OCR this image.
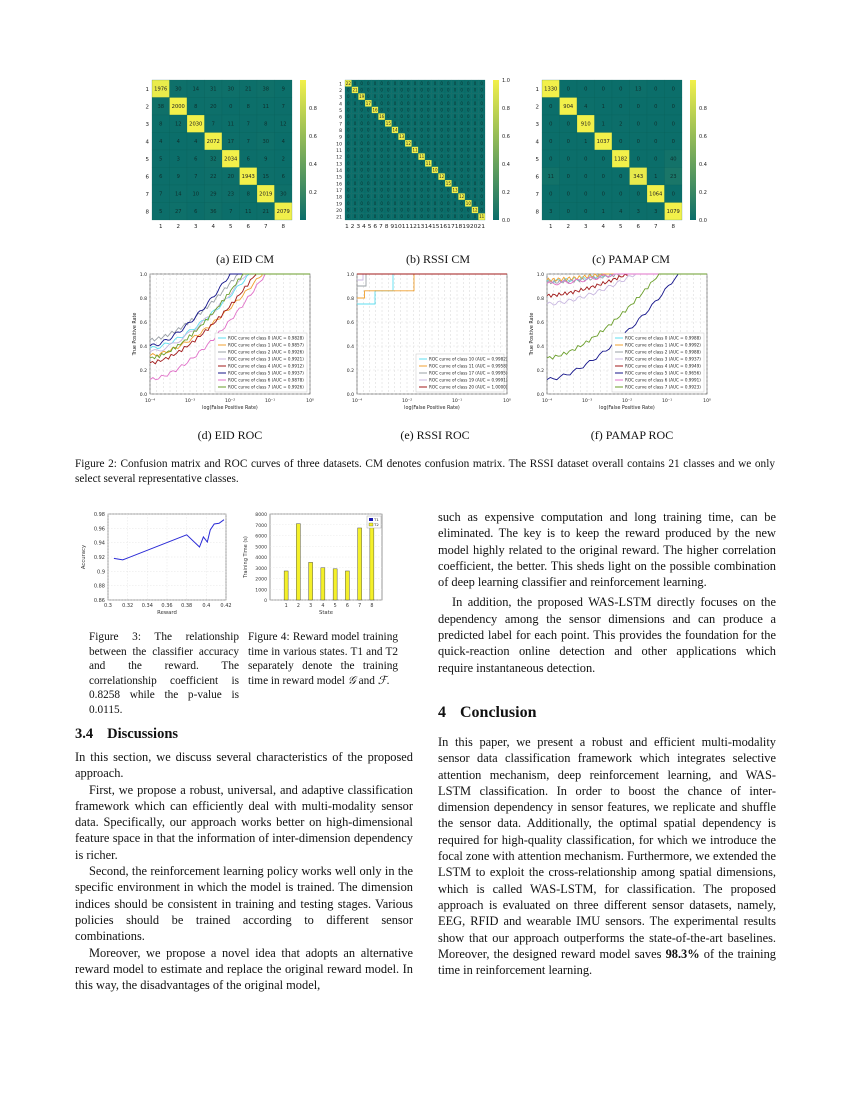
1976 30 14 31 30 21 38 9
1
38 2000 8 20 0	8 11 7
2
8 12 2030 7 11 7	8 12
3
4	4	4 2072 17 7 30 4
4
5	3	6 32 2034 6	9	2
5
6	9	7 22 20 1943 15 6
6
7 14 10 29 23 8 2019 30
7
5 27 6 36 7 11 21 2079
8
1	2	3	4	5	6	7	8
0.8
0.6
0.4
0.2
22 0 0 0 0 0 0 0 0 0 0 0 0 0 0 0 0 0 0 0 0
1
0 21 0 0 0 0 0 0 0 0 0 0 0 0 0 0 0 0 0 0 0
2
0 0 19 0 0 0 0 0 0 0 0 0 0 0 0 0 0 0 0 0 0
3
0 0 0 17 0 0 0 0 0 0 0 0 0 0 0 0 0 0 0 0 0
4
0 0 0 0 16 0 0 0 0 0 0 0 0 0 0 0 0 0 0 0 0
5
0 0 0 0 0 16 0 0 0 0 0 0 0 0 0 0 0 0 0 0 0
6
0 0 0 0 0 0 15 0 0 0 0 0 0 0 0 0 0 0 0 0 0
7
0 0 0 0 0 0 0 14 0 0 0 0 0 0 0 0 0 0 0 0 0
8
0 0 0 0 0 0 0 0 13 0 0 0 0 0 0 0 0 0 0 0 0
9
0 0 0 0 0 0 0 0 0 12 0 0 0 0 0 0 0 0 0 0 0
10
0 0 0 0 0 0 0 0 0 0 11 0 0 0 0 0 0 0 0 0 0
11
0 0 0 0 0 0 0 0 0 0 0 11 0 0 0 0 0 0 0 0 0
12
0 0 0 0 0 0 0 0 0 0 0 0 11 0 0 0 0 0 0 0 0
13
0 0 0 0 0 0 0 0 0 0 0 0 0 10 0 0 0 0 0 0 0
14
0 0 0 0 0 0 0 0 0 0 0 0 0 0 12 0 0 0 0 0 0
15
0 0 0 0 0 0 0 0 0 0 0 0 0 0 0 15 0 0 0 0 0
16
0 0 0 0 0 0 0 0 0 0 0 0 0 0 0 0 13 0 0 0 0
17
0 0 0 0 0 0 0 0 0 0 0 0 0 0 0 0 0 12 0 0 0
18
0 0 0 0 0 0 0 0 0 0 0 0 0 0 0 0 0 0 10 0 0
19
0 0 0 0 0 0 0 0 0 0 0 0 0 0 0 0 0 0 0 12 0
20
0 0 0 0 0 0 0 0 0 0 0 0 0 0 0 0 0 0 0 0 11
21
1 2 3 4 5 6 7 8 9101112131415161718192021
1.0
0.8
0.6
0.4
0.2
0.0
1330 0	0	0	0 13 0	0
1
0 904 4	1	0	0	0	0
2
0	0 910 1	2	0	0	0
3
0	0	1 1037 0	0	0	0
4
0	0	0	0 1182 0	0 40
5
11 0	0	0	0 343 1 23
6
0	0	0	0	0	0 1064 0
7
3	0	0	1	4	3	3 1079
8
1	2	3	4	5	6	7	8
0.8
0.6
0.4
0.2
0.0
(a) EID CM	(b) RSSI CM	(c) PAMAP CM
0.0
0.2
0.4
0.6
0.8
1.0
10⁻⁴	10⁻³	10⁻²	10⁻¹	10⁰
log(False Positive Rate)
True Positive Rate	ROC curve of class 0 (AUC = 0.9828)
ROC curve of class 1 (AUC = 0.9857)
ROC curve of class 2 (AUC = 0.9926)
ROC curve of class 3 (AUC = 0.9921)
ROC curve of class 4 (AUC = 0.9912)
ROC curve of class 5 (AUC = 0.9937)
ROC curve of class 6 (AUC = 0.9878)
ROC curve of class 7 (AUC = 0.9926)
0.0
0.2
0.4
0.6
0.8
1.0
10⁻⁴	10⁻²	10⁻¹	10⁰
log(False Positive Rate)
ROC curve of class 10 (AUC = 0.9982)
ROC curve of class 11 (AUC = 0.9958)
ROC curve of class 17 (AUC = 0.9995)
ROC curve of class 19 (AUC = 0.9991)
ROC curve of class 20 (AUC = 1.0000)
0.0
0.2
0.4
0.6
0.8
1.0
10⁻⁴	10⁻³	10⁻²	10⁻¹	10⁰
log(False Positive Rate)
True Positive Rate	ROC curve of class 0 (AUC = 0.9988)
ROC curve of class 1 (AUC = 0.9992)
ROC curve of class 2 (AUC = 0.9988)
ROC curve of class 3 (AUC = 0.9937)
ROC curve of class 4 (AUC = 0.9949)
ROC curve of class 5 (AUC = 0.9656)
ROC curve of class 6 (AUC = 0.9991)
ROC curve of class 7 (AUC = 0.9923)
(d) EID ROC	(e) RSSI ROC	(f) PAMAP ROC
Figure 2: Confusion matrix and ROC curves of three datasets. CM denotes confusion matrix. The RSSI dataset overall contains 21 classes and we only select several representative classes.
0.98
0.96
0.94
0.92
0.9
0.88
0.86
0.3 0.32 0.34 0.36 0.38 0.4 0.42
Reward
Accuracy
8000
7000
6000
5000
4000
3000
2000
1000
0
1 2 3 4 5 6 7 8
State
Training Time (s)
T1
T2
Figure 3: The relationship between the classifier accuracy and the reward. The correlationship coefficient is 0.8258 while the p-value is 0.0115.
Figure 4: Reward model training time in various states. T1 and T2 separately denote the training time in reward model 𝒢 and ℱ.
3.4 Discussions

In this section, we discuss several characteristics of the proposed approach.

First, we propose a robust, universal, and adaptive classification framework which can efficiently deal with multi-modality sensor data. Specifically, our approach works better on high-dimensional feature space in that the information of inter-dimension dependency is richer.

Second, the reinforcement learning policy works well only in the specific environment in which the model is trained. The dimension indices should be consistent in training and testing stages. Various policies should be trained according to different sensor combinations.

Moreover, we propose a novel idea that adopts an alternative reward model to estimate and replace the original reward model. In this way, the disadvantages of the original model,

such as expensive computation and long training time, can be eliminated. The key is to keep the reward produced by the new model highly related to the original reward. The higher correlation coefficient, the better. This sheds light on the possible combination of deep learning classifier and reinforcement learning.

In addition, the proposed WAS-LSTM directly focuses on the dependency among the sensor dimensions and can produce a predicted label for each point. This provides the foundation for the quick-reaction online detection and other applications which require instantaneous detection.

4 Conclusion

In this paper, we present a robust and efficient multi-modality sensor data classification framework which integrates selective attention mechanism, deep reinforcement learning, and WAS-LSTM classification. In order to boost the chance of inter-dimension dependency in sensor features, we replicate and shuffle the sensor data. Additionally, the optimal spatial dependency is required for high-quality classification, for which we introduce the focal zone with attention mechanism. Furthermore, we extended the LSTM to exploit the cross-relationship among spatial dimensions, which is called WAS-LSTM, for classification. The proposed approach is evaluated on three different sensor datasets, namely, EEG, RFID and wearable IMU sensors. The experimental results show that our approach outperforms the state-of-the-art baselines. Moreover, the designed reward model saves 98.3% of the training time in reinforcement learning.
